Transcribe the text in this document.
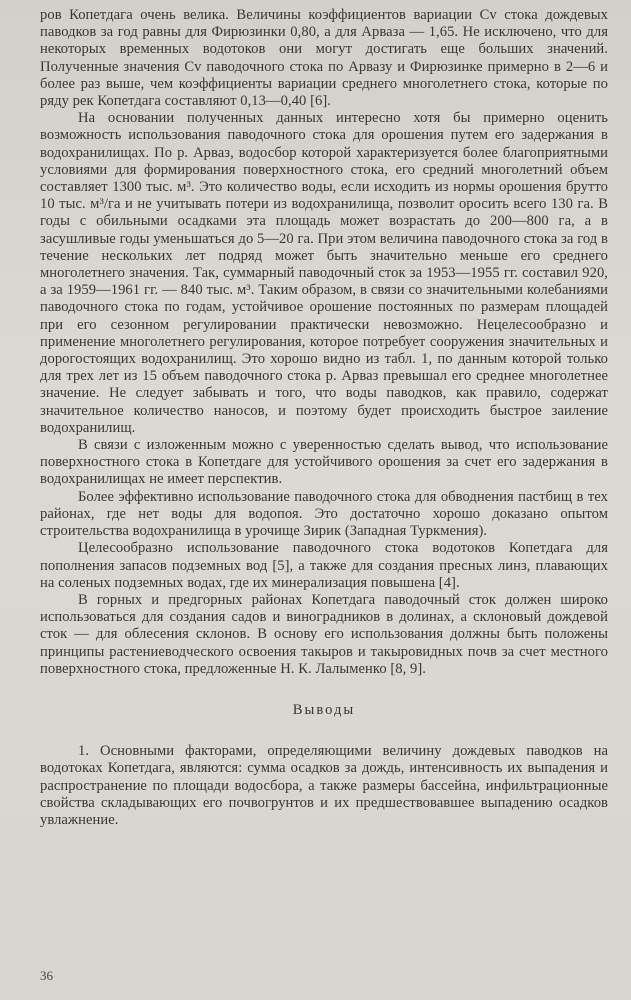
ров Копетдага очень велика. Величины коэффициентов вариации Cv стока дождевых паводков за год равны для Фирюзинки 0,80, а для Арваза — 1,65. Не исключено, что для некоторых временных водотоков они могут достигать еще больших значений. Полученные значения Cv паводочного стока по Арвазу и Фирюзинке примерно в 2—6 и более раз выше, чем коэффициенты вариации среднего многолетнего стока, которые по ряду рек Копетдага составляют 0,13—0,40 [6].

На основании полученных данных интересно хотя бы примерно оценить возможность использования паводочного стока для орошения путем его задержания в водохранилищах. По р. Арваз, водосбор которой характеризуется более благоприятными условиями для формирования поверхностного стока, его средний многолетний объем составляет 1300 тыс. м³. Это количество воды, если исходить из нормы орошения брутто 10 тыс. м³/га и не учитывать потери из водохранилища, позволит оросить всего 130 га. В годы с обильными осадками эта площадь может возрастать до 200—800 га, а в засушливые годы уменьшаться до 5—20 га. При этом величина паводочного стока за год в течение нескольких лет подряд может быть значительно меньше его среднего многолетнего значения. Так, суммарный паводочный сток за 1953—1955 гг. составил 920, а за 1959—1961 гг. — 840 тыс. м³. Таким образом, в связи со значительными колебаниями паводочного стока по годам, устойчивое орошение постоянных по размерам площадей при его сезонном регулировании практически невозможно. Нецелесообразно и применение многолетнего регулирования, которое потребует сооружения значительных и дорогостоящих водохранилищ. Это хорошо видно из табл. 1, по данным которой только для трех лет из 15 объем паводочного стока р. Арваз превышал его среднее многолетнее значение. Не следует забывать и того, что воды паводков, как правило, содержат значительное количество наносов, и поэтому будет происходить быстрое заиление водохранилищ.

В связи с изложенным можно с уверенностью сделать вывод, что использование поверхностного стока в Копетдаге для устойчивого орошения за счет его задержания в водохранилищах не имеет перспектив.

Более эффективно использование паводочного стока для обводнения пастбищ в тех районах, где нет воды для водопоя. Это достаточно хорошо доказано опытом строительства водохранилища в урочище Зирик (Западная Туркмения).

Целесообразно использование паводочного стока водотоков Копетдага для пополнения запасов подземных вод [5], а также для создания пресных линз, плавающих на соленых подземных водах, где их минерализация повышена [4].

В горных и предгорных районах Копетдага паводочный сток должен широко использоваться для создания садов и виноградников в долинах, а склоновый дождевой сток — для облесения склонов. В основу его использования должны быть положены принципы растениеводческого освоения такыров и такыровидных почв за счет местного поверхностного стока, предложенные Н. К. Лалыменко [8, 9].

Выводы

1. Основными факторами, определяющими величину дождевых паводков на водотоках Копетдага, являются: сумма осадков за дождь, интенсивность их выпадения и распространение по площади водосбора, а также размеры бассейна, инфильтрационные свойства складывающих его почвогрунтов и их предшествовавшее выпадению осадков увлажнение.

36
